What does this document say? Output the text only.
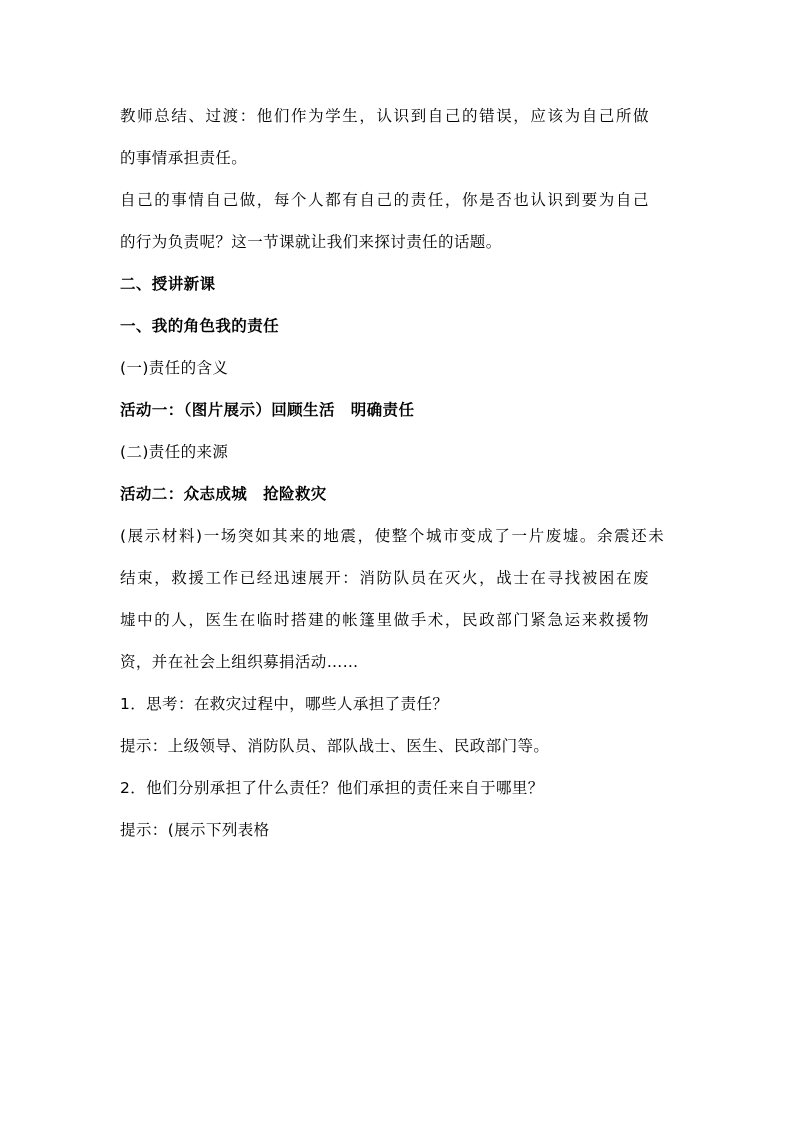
教师总结、过渡：他们作为学生，认识到自己的错误，应该为自己所做
的事情承担责任。
自己的事情自己做，每个人都有自己的责任，你是否也认识到要为自己
的行为负责呢？这一节课就让我们来探讨责任的话题。
二、授讲新课
一、我的角色我的责任
(一)责任的含义
活动一：（图片展示）回顾生活　明确责任
(二)责任的来源
活动二：众志成城　抢险救灾
(展示材料)一场突如其来的地震，使整个城市变成了一片废墟。余震还未
结束，救援工作已经迅速展开：消防队员在灭火，战士在寻找被困在废
墟中的人，医生在临时搭建的帐篷里做手术，民政部门紧急运来救援物
资，并在社会上组织募捐活动……
1．思考：在救灾过程中，哪些人承担了责任？
提示：上级领导、消防队员、部队战士、医生、民政部门等。
2．他们分别承担了什么责任？他们承担的责任来自于哪里？
提示：(展示下列表格
